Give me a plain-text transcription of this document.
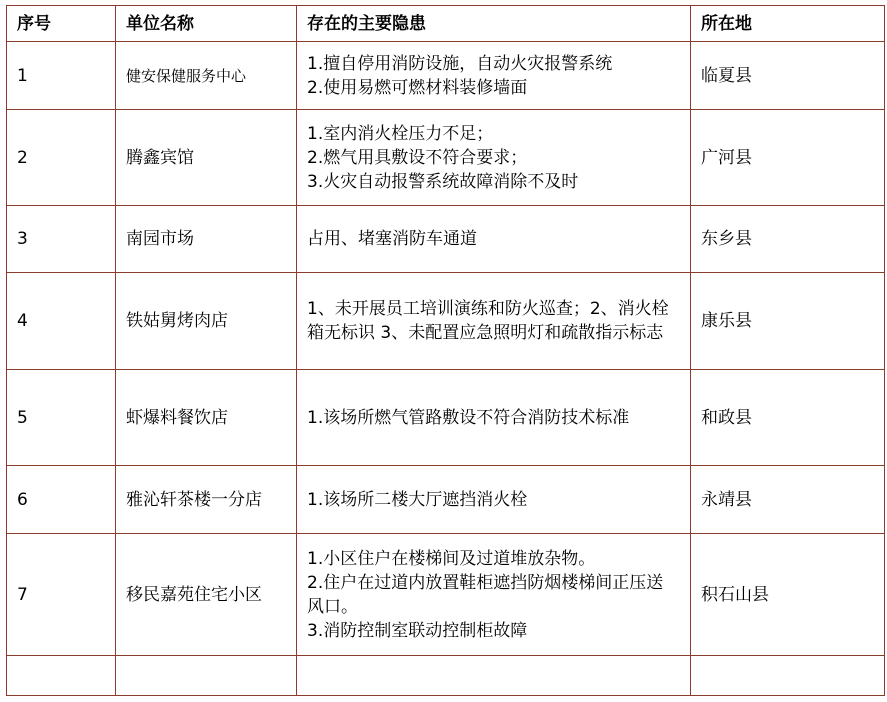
序号	单位名称	存在的主要隐患	所在地
1	健安保健服务中心	1.擅自停用消防设施，自动火灾报警系统
2.使用易燃可燃材料装修墙面	临夏县
2	腾鑫宾馆	1.室内消火栓压力不足；
2.燃气用具敷设不符合要求；
3.火灾自动报警系统故障消除不及时	广河县
3	南园市场	占用、堵塞消防车通道	东乡县
4	铁姑舅烤肉店	1、未开展员工培训演练和防火巡查；2、消火栓箱无标识 3、未配置应急照明灯和疏散指示标志	康乐县
5	虾爆料餐饮店	1.该场所燃气管路敷设不符合消防技术标准	和政县
6	雅沁轩茶楼一分店	1.该场所二楼大厅遮挡消火栓	永靖县
7	移民嘉苑住宅小区	1.小区住户在楼梯间及过道堆放杂物。
2.住户在过道内放置鞋柜遮挡防烟楼梯间正压送风口。
3.消防控制室联动控制柜故障	积石山县
